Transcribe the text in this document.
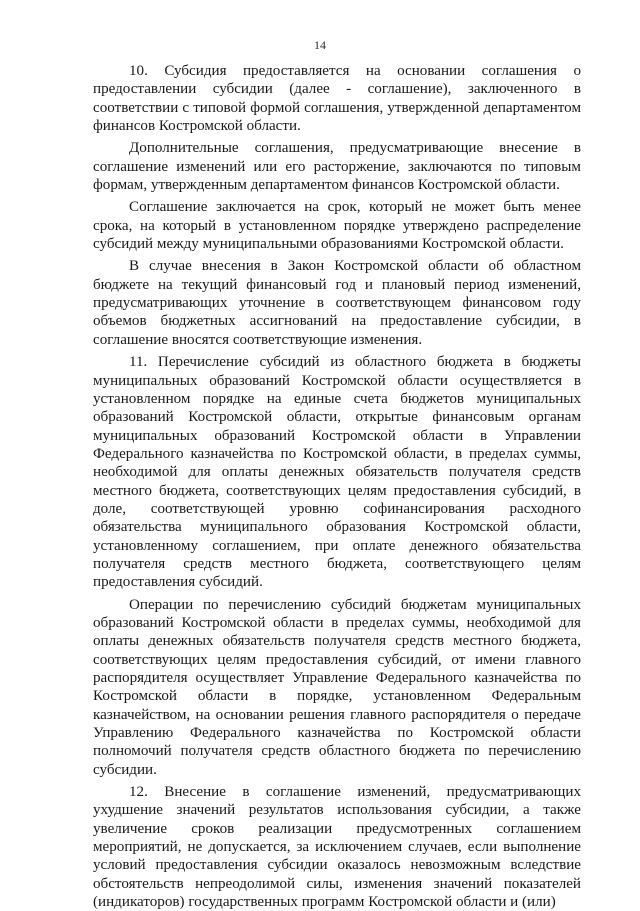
14

10. Субсидия предоставляется на основании соглашения о предоставлении субсидии (далее - соглашение), заключенного в соответствии с типовой формой соглашения, утвержденной департаментом финансов Костромской области.

Дополнительные соглашения, предусматривающие внесение в соглашение изменений или его расторжение, заключаются по типовым формам, утвержденным департаментом финансов Костромской области.

Соглашение заключается на срок, который не может быть менее срока, на который в установленном порядке утверждено распределение субсидий между муниципальными образованиями Костромской области.

В случае внесения в Закон Костромской области об областном бюджете на текущий финансовый год и плановый период изменений, предусматривающих уточнение в соответствующем финансовом году объемов бюджетных ассигнований на предоставление субсидии, в соглашение вносятся соответствующие изменения.

11. Перечисление субсидий из областного бюджета в бюджеты муниципальных образований Костромской области осуществляется в установленном порядке на единые счета бюджетов муниципальных образований Костромской области, открытые финансовым органам муниципальных образований Костромской области в Управлении Федерального казначейства по Костромской области, в пределах суммы, необходимой для оплаты денежных обязательств получателя средств местного бюджета, соответствующих целям предоставления субсидий, в доле, соответствующей уровню софинансирования расходного обязательства муниципального образования Костромской области, установленному соглашением, при оплате денежного обязательства получателя средств местного бюджета, соответствующего целям предоставления субсидий.

Операции по перечислению субсидий бюджетам муниципальных образований Костромской области в пределах суммы, необходимой для оплаты денежных обязательств получателя средств местного бюджета, соответствующих целям предоставления субсидий, от имени главного распорядителя осуществляет Управление Федерального казначейства по Костромской области в порядке, установленном Федеральным казначейством, на основании решения главного распорядителя о передаче Управлению Федерального казначейства по Костромской области полномочий получателя средств областного бюджета по перечислению субсидии.

12. Внесение в соглашение изменений, предусматривающих ухудшение значений результатов использования субсидии, а также увеличение сроков реализации предусмотренных соглашением мероприятий, не допускается, за исключением случаев, если выполнение условий предоставления субсидии оказалось невозможным вследствие обстоятельств непреодолимой силы, изменения значений показателей (индикаторов) государственных программ Костромской области и (или)
